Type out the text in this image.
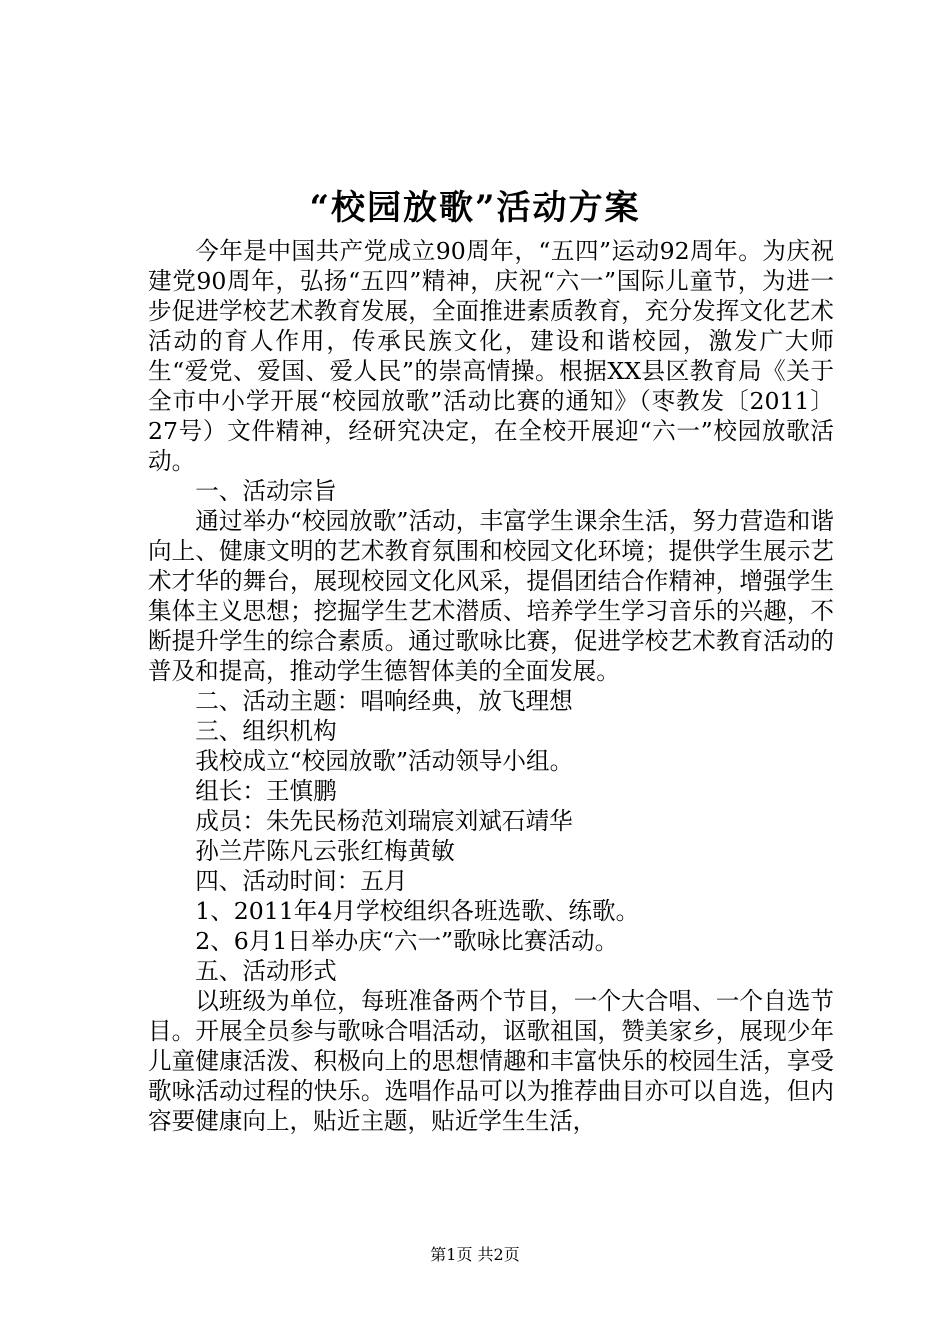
“校园放歌”活动方案

今年是中国共产党成立90周年，“五四”运动92周年。为庆祝建党90周年，弘扬“五四”精神，庆祝“六一”国际儿童节，为进一步促进学校艺术教育发展，全面推进素质教育，充分发挥文化艺术活动的育人作用，传承民族文化，建设和谐校园，激发广大师生“爱党、爱国、爱人民”的崇高情操。根据XX县区教育局《关于全市中小学开展“校园放歌”活动比赛的通知》（枣教发〔2011〕27号）文件精神，经研究决定，在全校开展迎“六一”校园放歌活动。

一、活动宗旨

通过举办“校园放歌”活动，丰富学生课余生活，努力营造和谐向上、健康文明的艺术教育氛围和校园文化环境；提供学生展示艺术才华的舞台，展现校园文化风采，提倡团结合作精神，增强学生集体主义思想；挖掘学生艺术潜质、培养学生学习音乐的兴趣，不断提升学生的综合素质。通过歌咏比赛，促进学校艺术教育活动的普及和提高，推动学生德智体美的全面发展。

二、活动主题：唱响经典，放飞理想

三、组织机构

我校成立“校园放歌”活动领导小组。

组长：王慎鹏

成员：朱先民杨范刘瑞宸刘斌石靖华

孙兰芹陈凡云张红梅黄敏

四、活动时间：五月

1、2011年4月学校组织各班选歌、练歌。

2、6月1日举办庆“六一”歌咏比赛活动。

五、活动形式

以班级为单位，每班准备两个节目，一个大合唱、一个自选节目。开展全员参与歌咏合唱活动，讴歌祖国，赞美家乡，展现少年儿童健康活泼、积极向上的思想情趣和丰富快乐的校园生活，享受歌咏活动过程的快乐。选唱作品可以为推荐曲目亦可以自选，但内容要健康向上，贴近主题，贴近学生生活，

第1页 共2页
